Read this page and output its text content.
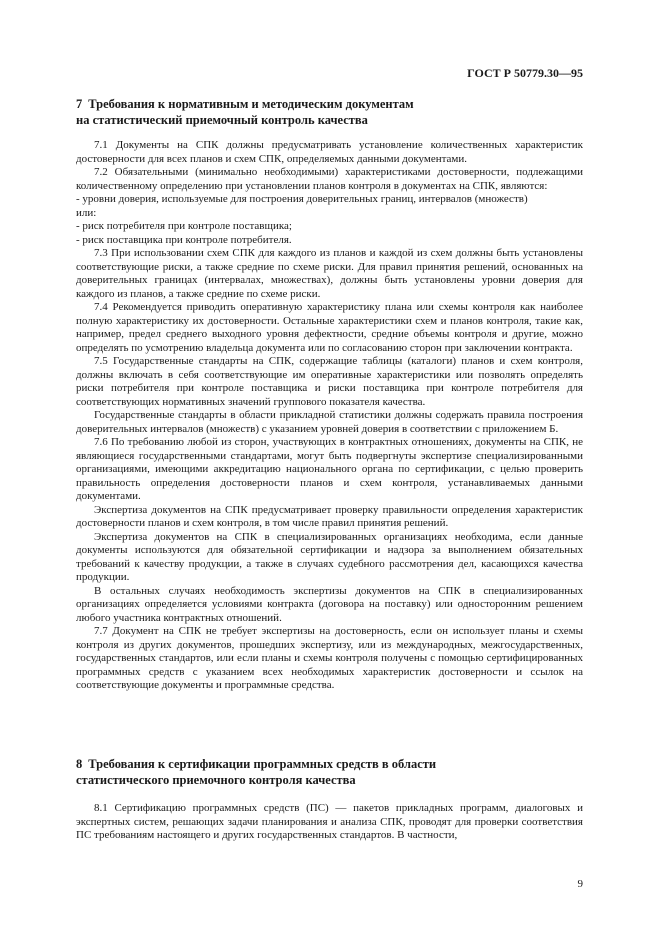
ГОСТ Р 50779.30—95
7 Требования к нормативным и методическим документам
на статистический приемочный контроль качества

7.1 Документы на СПК должны предусматривать установление количественных характеристик достоверности для всех планов и схем СПК, определяемых данными документами.

7.2 Обязательными (минимально необходимыми) характеристиками достоверности, подлежащими количественному определению при установлении планов контроля в документах на СПК, являются:

- уровни доверия, используемые для построения доверительных границ, интервалов (множеств)

или:

- риск потребителя при контроле поставщика;

- риск поставщика при контроле потребителя.

7.3 При использовании схем СПК для каждого из планов и каждой из схем должны быть установлены соответствующие риски, а также средние по схеме риски. Для правил принятия решений, основанных на доверительных границах (интервалах, множествах), должны быть установлены уровни доверия для каждого из планов, а также средние по схеме риски.

7.4 Рекомендуется приводить оперативную характеристику плана или схемы контроля как наиболее полную характеристику их достоверности. Остальные характеристики схем и планов контроля, такие как, например, предел среднего выходного уровня дефектности, средние объемы контроля и другие, можно определять по усмотрению владельца документа или по согласованию сторон при заключении контракта.

7.5 Государственные стандарты на СПК, содержащие таблицы (каталоги) планов и схем контроля, должны включать в себя соответствующие им оперативные характеристики или позволять определять риски потребителя при контроле поставщика и риски поставщика при контроле потребителя для соответствующих нормативных значений группового показателя качества.

Государственные стандарты в области прикладной статистики должны содержать правила построения доверительных интервалов (множеств) с указанием уровней доверия в соответствии с приложением Б.

7.6 По требованию любой из сторон, участвующих в контрактных отношениях, документы на СПК, не являющиеся государственными стандартами, могут быть подвергнуты экспертизе специализированными организациями, имеющими аккредитацию национального органа по сертификации, с целью проверить правильность определения достоверности планов и схем контроля, устанавливаемых данными документами.

Экспертиза документов на СПК предусматривает проверку правильности определения характеристик достоверности планов и схем контроля, в том числе правил принятия решений.

Экспертиза документов на СПК в специализированных организациях необходима, если данные документы используются для обязательной сертификации и надзора за выполнением обязательных требований к качеству продукции, а также в случаях судебного рассмотрения дел, касающихся качества продукции.

В остальных случаях необходимость экспертизы документов на СПК в специализированных организациях определяется условиями контракта (договора на поставку) или односторонним решением любого участника контрактных отношений.

7.7 Документ на СПК не требует экспертизы на достоверность, если он использует планы и схемы контроля из других документов, прошедших экспертизу, или из международных, межгосударственных, государственных стандартов, или если планы и схемы контроля получены с помощью сертифицированных программных средств с указанием всех необходимых характеристик достоверности и ссылок на соответствующие документы и программные средства.

8 Требования к сертификации программных средств в области
статистического приемочного контроля качества

8.1 Сертификацию программных средств (ПС) — пакетов прикладных программ, диалоговых и экспертных систем, решающих задачи планирования и анализа СПК, проводят для проверки соответствия ПС требованиям настоящего и других государственных стандартов. В частности,

9
